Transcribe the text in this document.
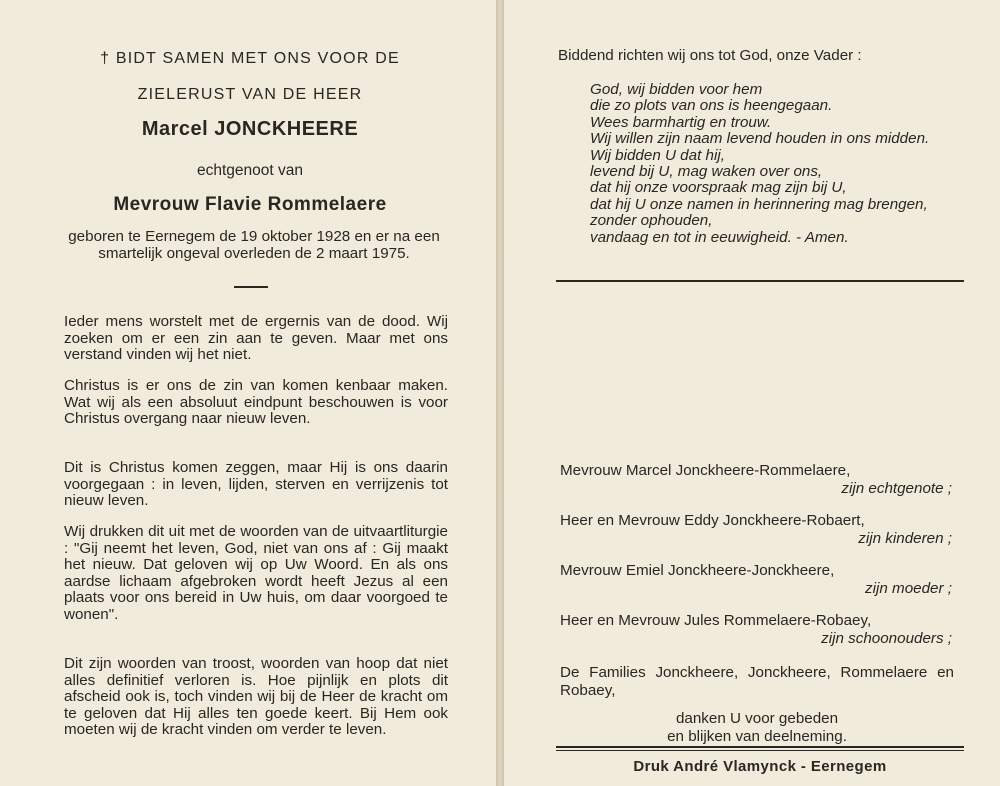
† BIDT SAMEN MET ONS VOOR DE
ZIELERUST VAN DE HEER
Marcel JONCKHEERE
echtgenoot van
Mevrouw Flavie Rommelaere
geboren te Eernegem de 19 oktober 1928 en er na een smartelijk ongeval overleden de 2 maart 1975.
Ieder mens worstelt met de ergernis van de dood. Wij zoeken om er een zin aan te geven. Maar met ons verstand vinden wij het niet.
Christus is er ons de zin van komen kenbaar maken. Wat wij als een absoluut eindpunt beschouwen is voor Christus overgang naar nieuw leven.
Dit is Christus komen zeggen, maar Hij is ons daarin voorgegaan : in leven, lijden, sterven en verrijzenis tot nieuw leven.
Wij drukken dit uit met de woorden van de uitvaartliturgie : "Gij neemt het leven, God, niet van ons af : Gij maakt het nieuw. Dat geloven wij op Uw Woord. En als ons aardse lichaam afgebroken wordt heeft Jezus al een plaats voor ons bereid in Uw huis, om daar voorgoed te wonen".
Dit zijn woorden van troost, woorden van hoop dat niet alles definitief verloren is. Hoe pijnlijk en plots dit afscheid ook is, toch vinden wij bij de Heer de kracht om te geloven dat Hij alles ten goede keert. Bij Hem ook moeten wij de kracht vinden om verder te leven.
Biddend richten wij ons tot God, onze Vader :

God, wij bidden voor hem

die zo plots van ons is heengegaan.

Wees barmhartig en trouw.

Wij willen zijn naam levend houden in ons midden.

Wij bidden U dat hij,

levend bij U, mag waken over ons,

dat hij onze voorspraak mag zijn bij U,

dat hij U onze namen in herinnering mag brengen, zonder ophouden,

vandaag en tot in eeuwigheid. - Amen.

Mevrouw Marcel Jonckheere-Rommelaere,

zijn echtgenote ;

Heer en Mevrouw Eddy Jonckheere-Robaert,

zijn kinderen ;

Mevrouw Emiel Jonckheere-Jonckheere,

zijn moeder ;

Heer en Mevrouw Jules Rommelaere-Robaey,

zijn schoonouders ;

De Families Jonckheere, Jonckheere, Rommelaere en Robaey,

danken U voor gebeden

en blijken van deelneming.

Druk André Vlamynck - Eernegem
